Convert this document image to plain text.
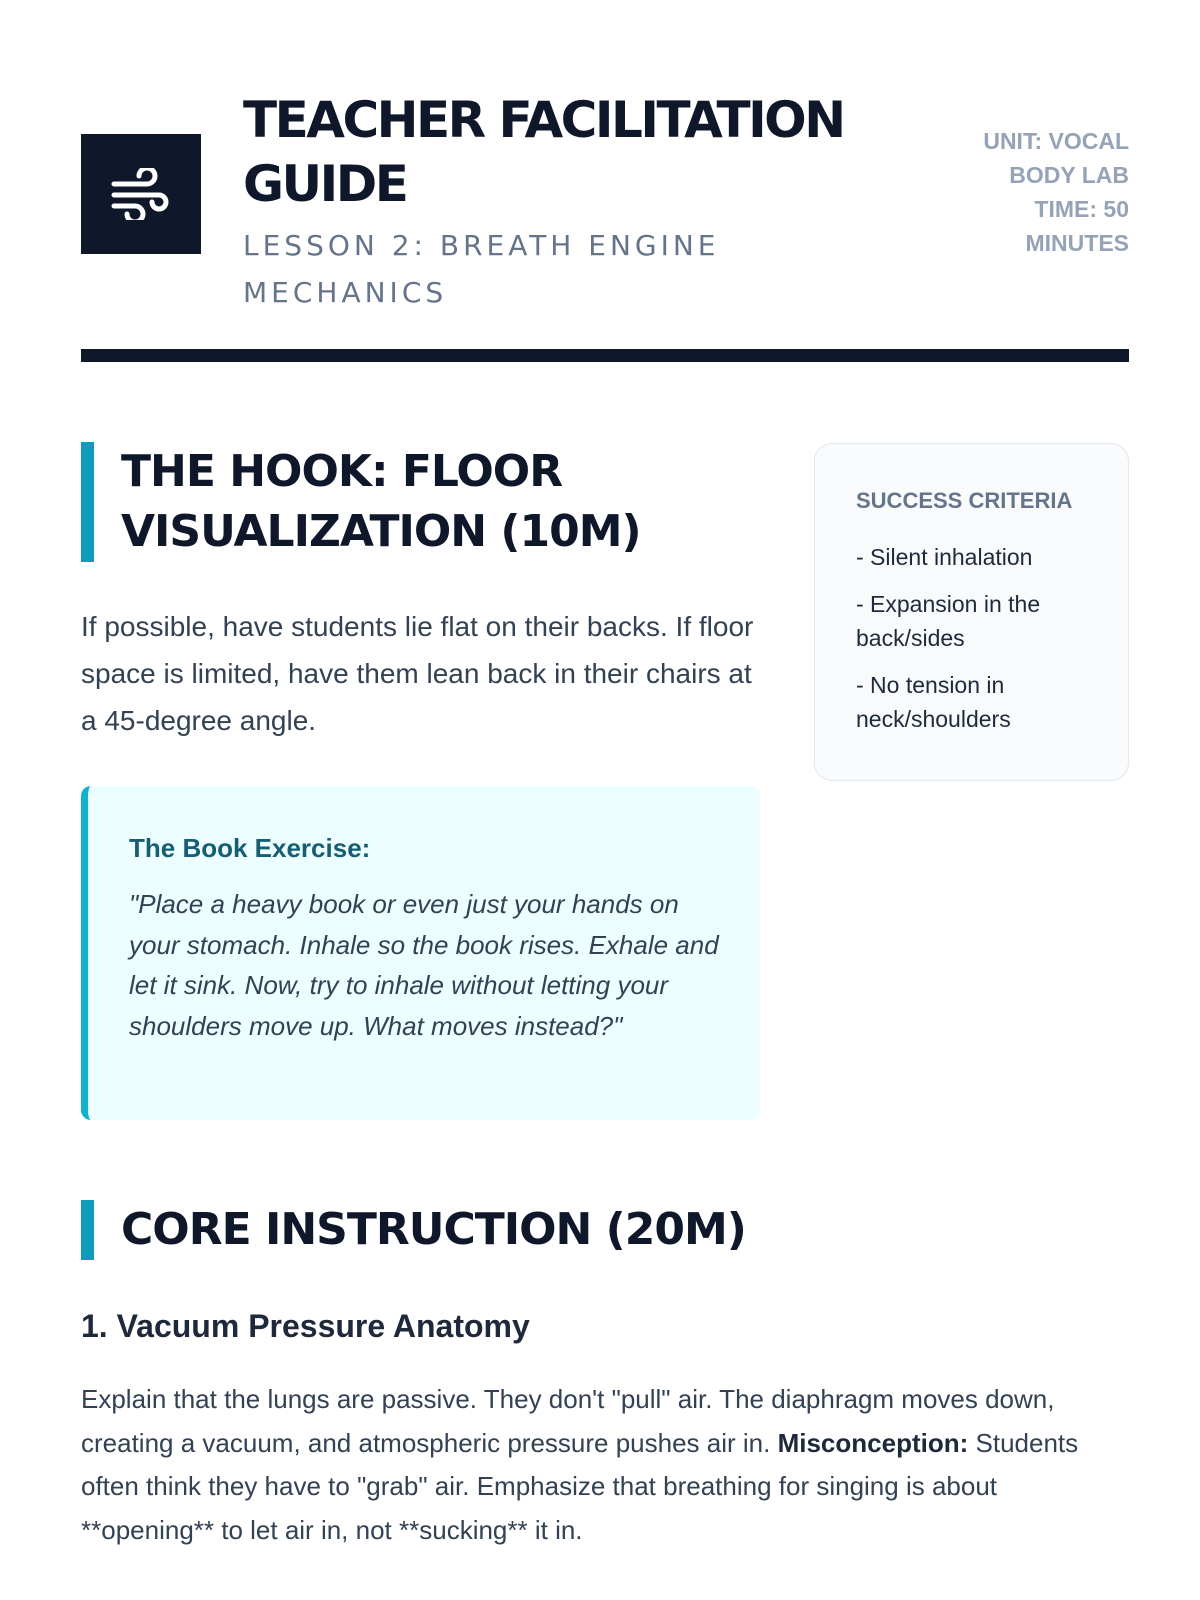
TEACHER FACILITATION GUIDE

LESSON 2: BREATH ENGINE MECHANICS

UNIT: VOCAL BODY LAB
TIME: 50 MINUTES
THE HOOK: FLOOR VISUALIZATION (10M)

If possible, have students lie flat on their backs. If floor space is limited, have them lean back in their chairs at a 45-degree angle.

The Book Exercise:

"Place a heavy book or even just your hands on your stomach. Inhale so the book rises. Exhale and let it sink. Now, try to inhale without letting your shoulders move up. What moves instead?"

SUCCESS CRITERIA

- Silent inhalation
- Expansion in the back/sides
- No tension in neck/shoulders
CORE INSTRUCTION (20M)
1. Vacuum Pressure Anatomy

Explain that the lungs are passive. They don't "pull" air. The diaphragm moves down, creating a vacuum, and atmospheric pressure pushes air in. Misconception: Students often think they have to "grab" air. Emphasize that breathing for singing is about **opening** to let air in, not **sucking** it in.
